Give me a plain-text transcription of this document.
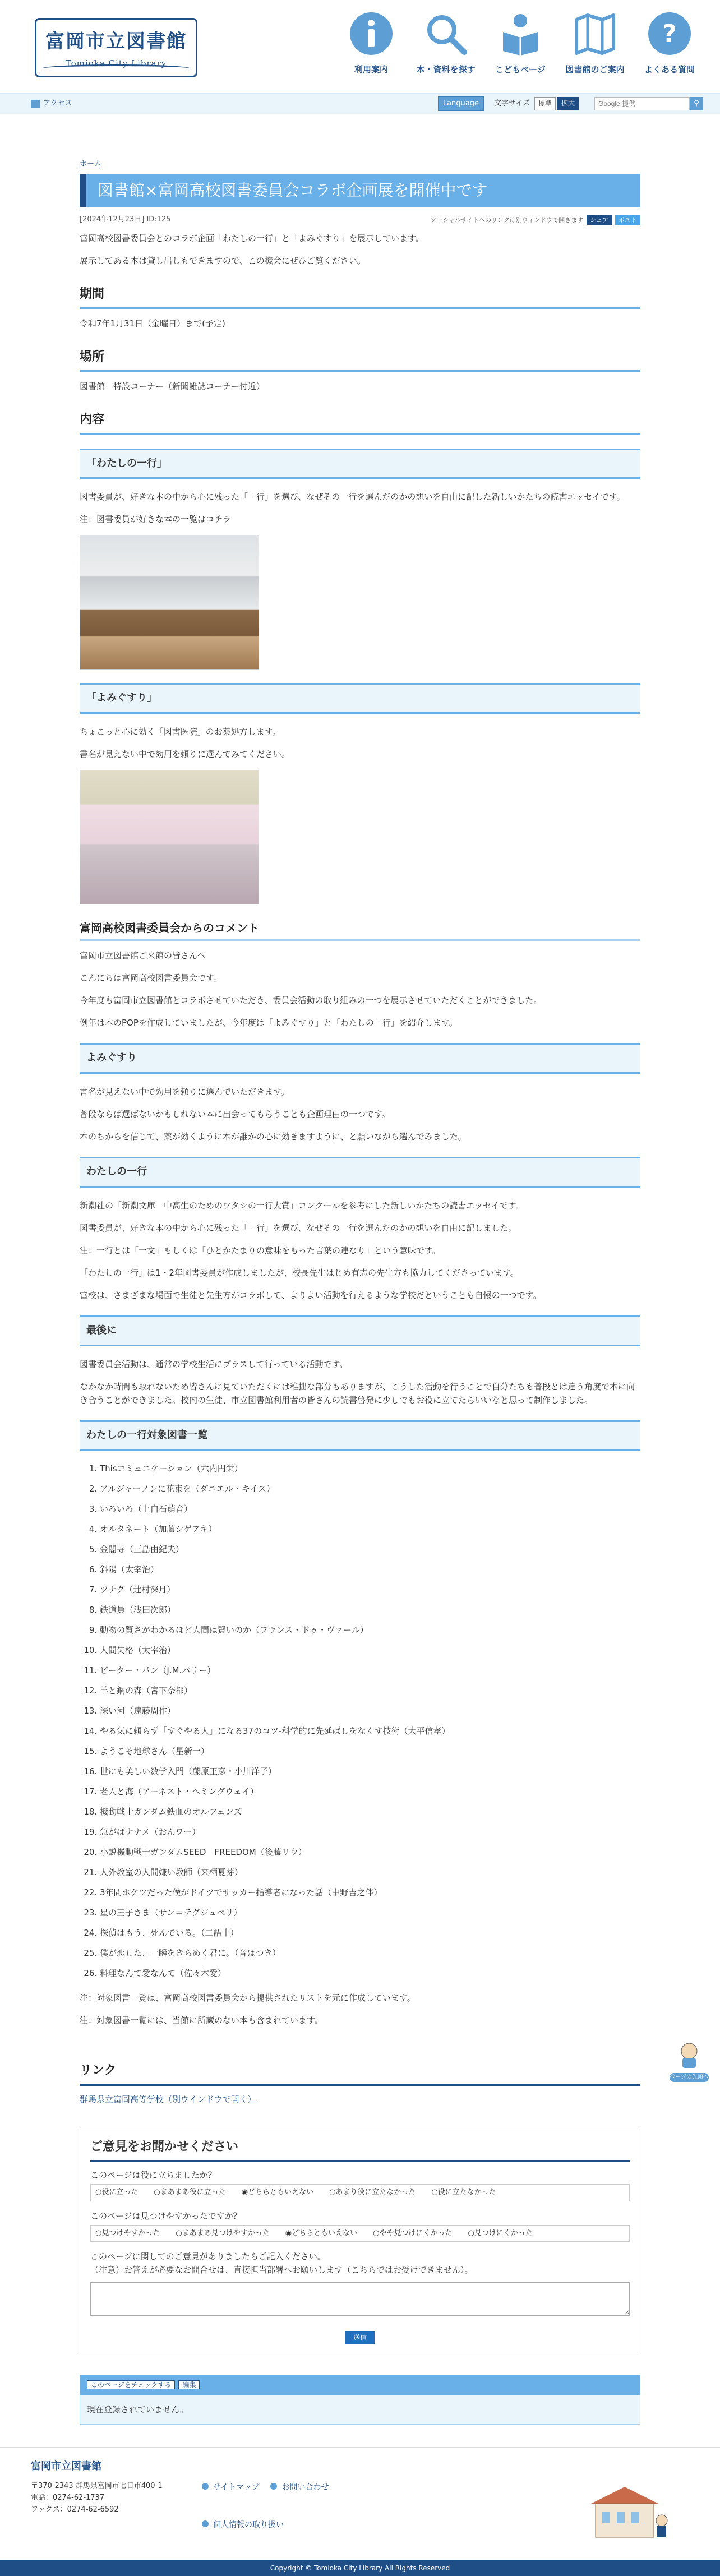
富岡市立図書館
Tomioka City Library
利用案内	本・資料を探す	こどもページ	図書館のご案内
?
よくある質問
アクセス	Language	文字サイズ	標準	拡大
Google 提供	⚲
ホーム
図書館×富岡高校図書委員会コラボ企画展を開催中です
[2024年12月23日] ID:125	ソーシャルサイトへのリンクは別ウィンドウで開きます	シェア	ポスト

富岡高校図書委員会とのコラボ企画「わたしの一行」と「よみぐすり」を展示しています。

展示してある本は貸し出しもできますので、この機会にぜひご覧ください。

期間

令和7年1月31日（金曜日）まで(予定)

場所

図書館　特設コーナー（新聞雑誌コーナー付近）

内容
「わたしの一行」

図書委員が、好きな本の中から心に残った「一行」を選び、なぜその一行を選んだのかの想いを自由に記した新しいかたちの読書エッセイです。

注：図書委員が好きな本の一覧はコチラ

「よみぐすり」

ちょこっと心に効く「図書医院」のお薬処方します。

書名が見えない中で効用を頼りに選んでみてください。

富岡高校図書委員会からのコメント

富岡市立図書館ご来館の皆さんへ

こんにちは富岡高校図書委員会です。

今年度も富岡市立図書館とコラボさせていただき、委員会活動の取り組みの一つを展示させていただくことができました。

例年は本のPOPを作成していましたが、今年度は「よみぐすり」と「わたしの一行」を紹介します。

よみぐすり

書名が見えない中で効用を頼りに選んでいただきます。

普段ならば選ばないかもしれない本に出会ってもらうことも企画理由の一つです。

本のちからを信じて、薬が効くように本が誰かの心に効きますように、と願いながら選んでみました。

わたしの一行

新潮社の「新潮文庫　中高生のためのワタシの一行大賞」コンクールを参考にした新しいかたちの読書エッセイです。

図書委員が、好きな本の中から心に残った「一行」を選び、なぜその一行を選んだのかの想いを自由に記しました。

注：一行とは「一文」もしくは「ひとかたまりの意味をもった言葉の連なり」という意味です。

「わたしの一行」は1・2年図書委員が作成しましたが、校長先生はじめ有志の先生方も協力してくださっています。

富校は、さまざまな場面で生徒と先生方がコラボして、よりよい活動を行えるような学校だということも自慢の一つです。

最後に

図書委員会活動は、通常の学校生活にプラスして行っている活動です。

なかなか時間も取れないため皆さんに見ていただくには稚拙な部分もありますが、こうした活動を行うことで自分たちも普段とは違う角度で本に向き合うことができました。校内の生徒、市立図書館利用者の皆さんの読書啓発に少しでもお役に立てたらいいなと思って制作しました。

わたしの一行対象図書一覧
1. Thisコミュニケーション（六内円栄）
2. アルジャーノンに花束を（ダニエル・キイス）
3. いろいろ（上白石萌音）
4. オルタネート（加藤シゲアキ）
5. 金閣寺（三島由紀夫）
6. 斜陽（太宰治）
7. ツナグ（辻村深月）
8. 鉄道員（浅田次郎）
9. 動物の賢さがわかるほど人間は賢いのか（フランス・ドゥ・ヴァール）
10. 人間失格（太宰治）
11. ピーター・パン（J.M.バリー）
12. 羊と鋼の森（宮下奈都）
13. 深い河（遠藤周作）
14. やる気に頼らず「すぐやる人」になる37のコツ-科学的に先延ばしをなくす技術（大平信孝）
15. ようこそ地球さん（星新一）
16. 世にも美しい数学入門（藤原正彦・小川洋子）
17. 老人と海（アーネスト・ヘミングウェイ）
18. 機動戦士ガンダム鉄血のオルフェンズ
19. 急がばナナメ（おんワー）
20. 小説機動戦士ガンダムSEED　FREEDOM（後藤リウ）
21. 人外教室の人間嫌い教師（来栖夏芽）
22. 3年間ホケツだった僕がドイツでサッカー指導者になった話（中野吉之伴）
23. 星の王子さま（サン＝テグジュペリ）
24. 探偵はもう、死んでいる。（二語十）
25. 僕が恋した、一瞬をきらめく君に。（音はつき）
26. 料理なんて愛なんて（佐々木愛）

注：対象図書一覧は、富岡高校図書委員会から提供されたリストを元に作成しています。

注：対象図書一覧には、当館に所蔵のない本も含まれています。

リンク
群馬県立富岡高等学校（別ウインドウで開く）
ご意見をお聞かせください
このページは役に立ちましたか？
○役に立った	○まあまあ役に立った	◉どちらともいえない	○あまり役に立たなかった	○役に立たなかった
このページは見つけやすかったですか？
○見つけやすかった	○まあまあ見つけやすかった	◉どちらともいえない	○やや見つけにくかった	○見つけにくかった
このページに関してのご意見がありましたらご記入ください。
（注意）お答えが必要なお問合せは、直接担当部署へお願いします（こちらではお受けできません）。
送信
このページをチェックする 編集
現在登録されていません。
ページの先頭へ
富岡市立図書館
〒370-2343 群馬県富岡市七日市400-1
電話：0274-62-1737
ファクス：0274-62-6592
サイトマップ	お問い合わせ
個人情報の取り扱い
Copyright © Tomioka City Library All Rights Reserved
